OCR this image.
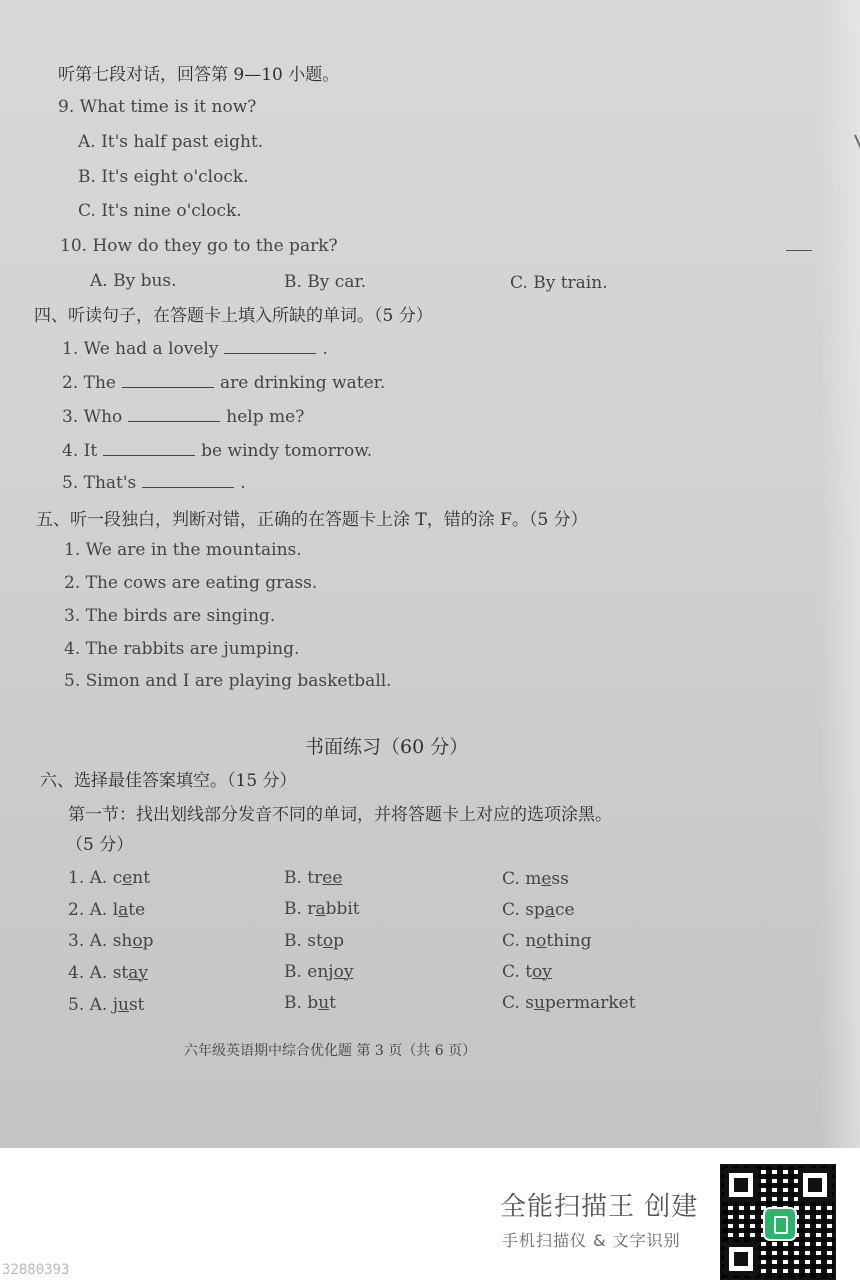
听第七段对话，回答第 9—10 小题。
9. What time is it now?
A. It's half past eight.
B. It's eight o'clock.
C. It's nine o'clock.
10. How do they go to the park?
A. By bus.	B. By car.	C. By train.
四、听读句子，在答题卡上填入所缺的单词。（5 分）
1. We had a lovely	.
2. The	are drinking water.
3. Who	help me?
4. It	be windy tomorrow.
5. That's	.
五、听一段独白，判断对错，正确的在答题卡上涂 T，错的涂 F。（5 分）
1. We are in the mountains.
2. The cows are eating grass.
3. The birds are singing.
4. The rabbits are jumping.
5. Simon and I are playing basketball.
书面练习（60 分）
六、选择最佳答案填空。（15 分）
第一节：找出划线部分发音不同的单词，并将答题卡上对应的选项涂黑。
（5 分）
1. A. cent	B. tree	C. mess
2. A. late	B. rabbit	C. space
3. A. shop	B. stop	C. nothing
4. A. stay	B. enjoy	C. toy
5. A. just	B. but	C. supermarket
六年级英语期中综合优化题 第 3 页（共 6 页）
全能扫描王 创建
手机扫描仪 & 文字识别
32880393
